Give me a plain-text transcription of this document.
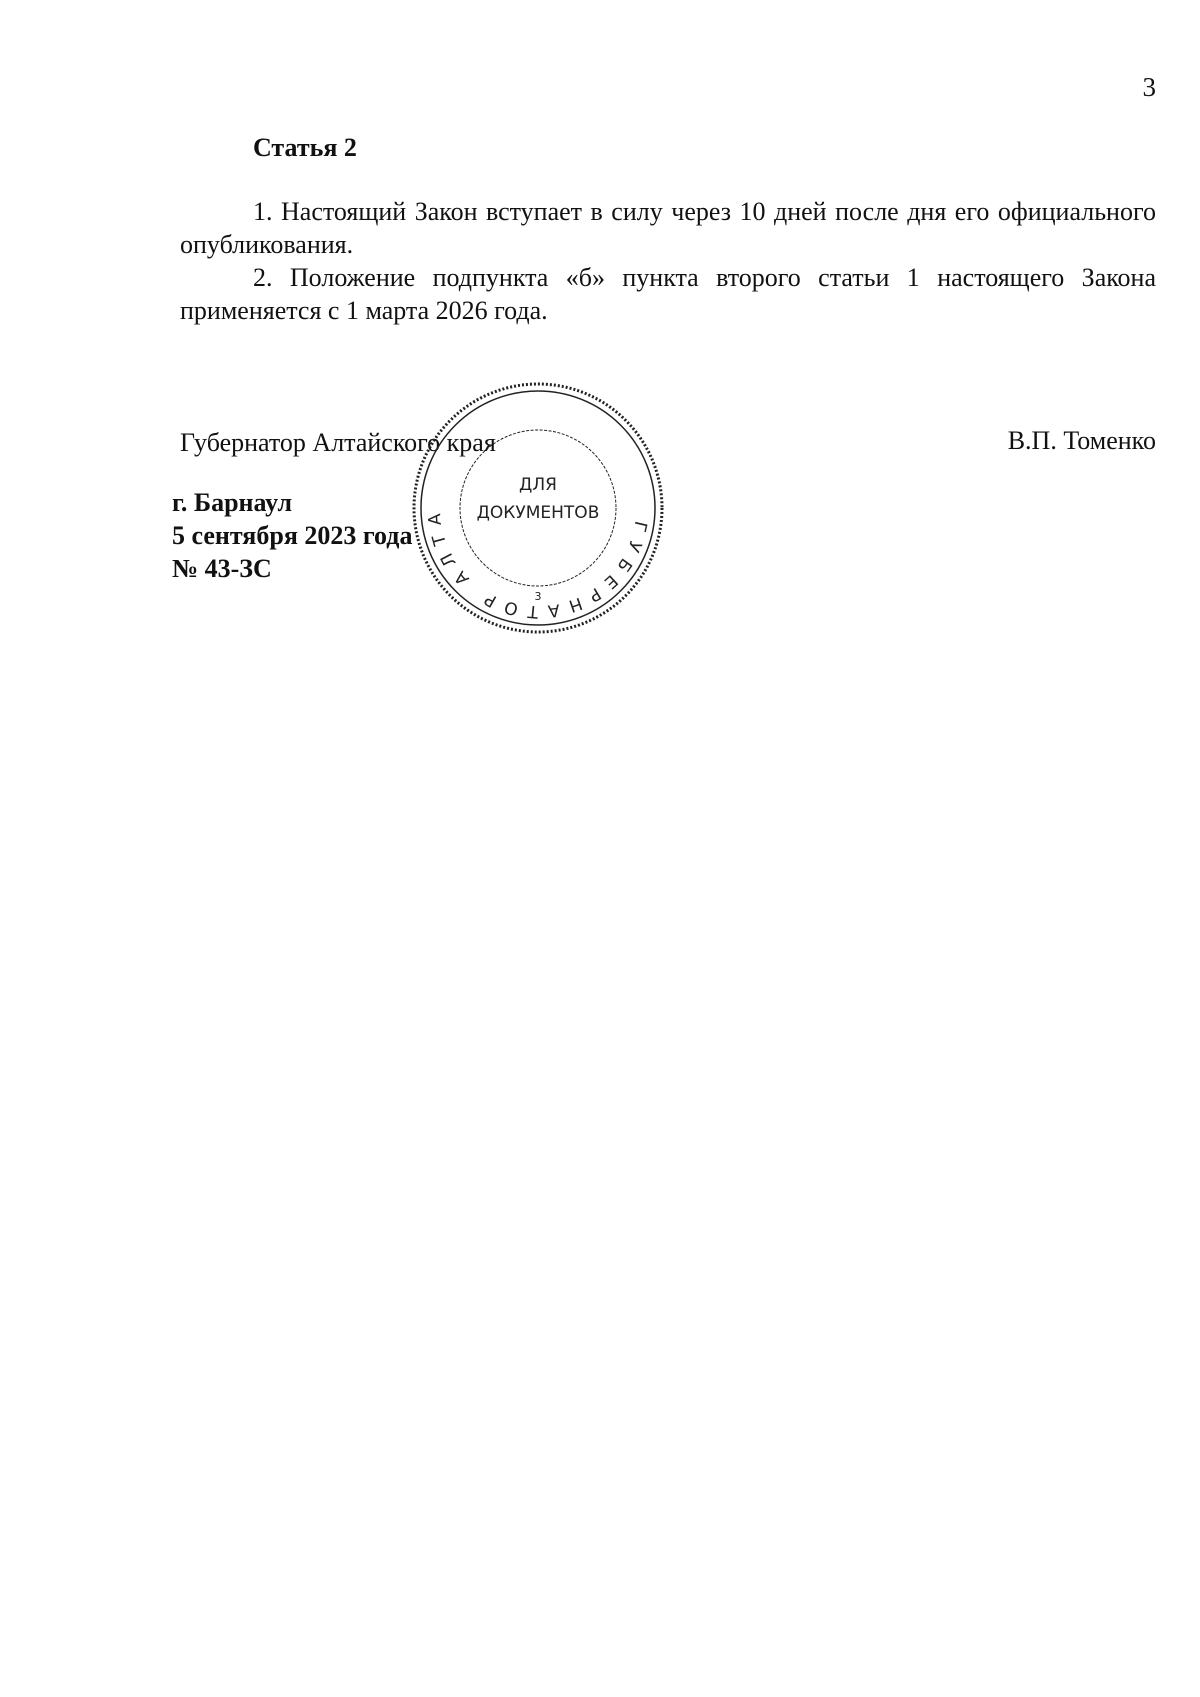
3
Статья 2
1. Настоящий Закон вступает в силу через 10 дней после дня его официального опубликования.
2. Положение подпункта «б» пункта второго статьи 1 настоящего Закона применяется с 1 марта 2026 года.
Губернатор Алтайского края	В.П. Томенко
г. Барнаул
5 сентября 2023 года
№ 43-ЗС
ГУБЕРНАТОР АЛТА
ДЛЯ
ДОКУМЕНТОВ
3
